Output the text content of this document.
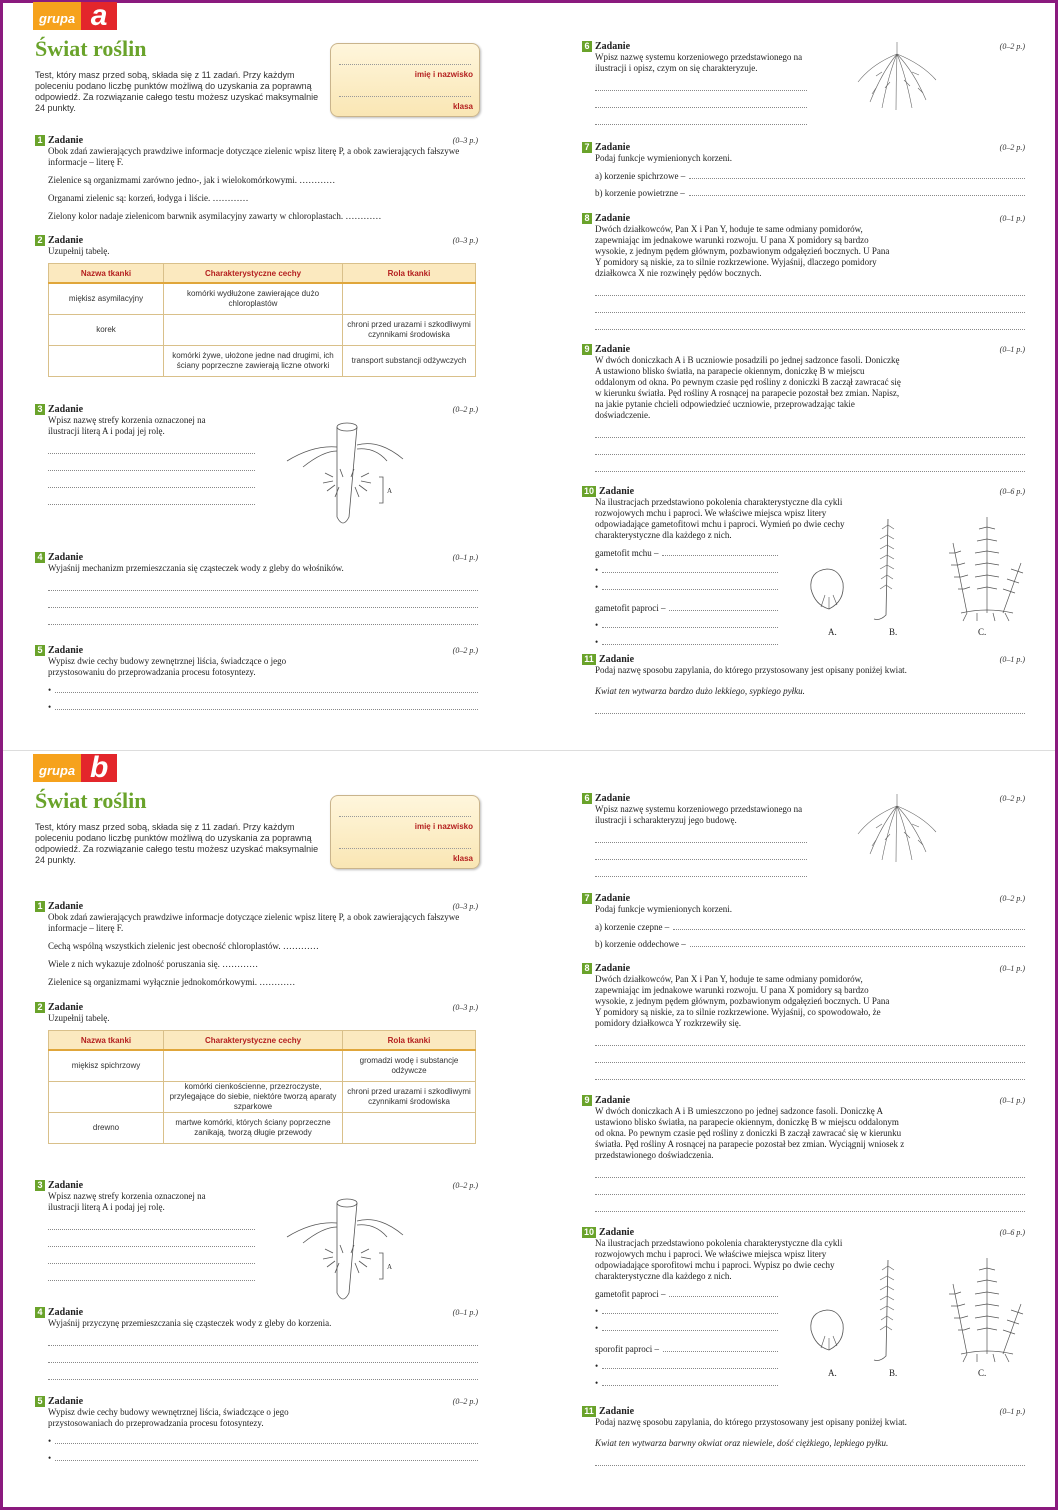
grupa a
Świat roślin
Test, który masz przed sobą, składa się z 11 zadań. Przy każdym poleceniu podano liczbę punktów możliwą do uzyskania za poprawną odpowiedź. Za rozwiązanie całego testu możesz uzyskać maksymalnie 24 punkty.
imię i nazwisko
klasa
1 Zadanie	(0–3 p.)
Obok zdań zawierających prawdziwe informacje dotyczące zielenic wpisz literę P, a obok zawierających fałszywe informacje – literę F.
Zielenice są organizmami zarówno jedno-, jak i wielokomórkowymi. …………
Organami zielenic są: korzeń, łodyga i liście. …………
Zielony kolor nadaje zielenicom barwnik asymilacyjny zawarty w chloroplastach. …………
2 Zadanie	(0–3 p.)
Uzupełnij tabelę.
Nazwa tkanki	Charakterystyczne cechy	Rola tkanki
miękisz asymilacyjny	komórki wydłużone zawierające dużo chloroplastów	
korek		chroni przed urazami i szkodliwymi czynnikami środowiska
	komórki żywe, ułożone jedne nad drugimi, ich ściany poprzeczne zawierają liczne otworki	transport substancji odżywczych
3 Zadanie	(0–2 p.)
Wpisz nazwę strefy korzenia oznaczonej na ilustracji literą A i podaj jej rolę.
A
4 Zadanie	(0–1 p.)
Wyjaśnij mechanizm przemieszczania się cząsteczek wody z gleby do włośników.
5 Zadanie	(0–2 p.)
Wypisz dwie cechy budowy zewnętrznej liścia, świadczące o jego przystosowaniu do przeprowadzania procesu fotosyntezy.
•
•
6 Zadanie	(0–2 p.)
Wpisz nazwę systemu korzeniowego przedstawionego na ilustracji i opisz, czym on się charakteryzuje.
7 Zadanie	(0–2 p.)
Podaj funkcje wymienionych korzeni.
a) korzenie spichrzowe –
b) korzenie powietrzne –
8 Zadanie	(0–1 p.)
Dwóch działkowców, Pan X i Pan Y, hoduje te same odmiany pomidorów, zapewniając im jednakowe warunki rozwoju. U pana X pomidory są bardzo wysokie, z jednym pędem głównym, pozbawionym odgałęzień bocznych. U Pana Y pomidory są niskie, za to silnie rozkrzewione. Wyjaśnij, dlaczego pomidory działkowca X nie rozwinęły pędów bocznych.
9 Zadanie	(0–1 p.)
W dwóch doniczkach A i B uczniowie posadzili po jednej sadzonce fasoli. Doniczkę A ustawiono blisko światła, na parapecie okiennym, doniczkę B w miejscu oddalonym od okna. Po pewnym czasie pęd rośliny z doniczki B zaczął zawracać się w kierunku światła. Pęd rośliny A rosnącej na parapecie pozostał bez zmian. Napisz, na jakie pytanie chcieli odpowiedzieć uczniowie, przeprowadzając takie doświadczenie.
10 Zadanie	(0–6 p.)
Na ilustracjach przedstawiono pokolenia charakterystyczne dla cykli rozwojowych mchu i paproci. We właściwe miejsca wpisz litery odpowiadające gametofitowi mchu i paproci. Wymień po dwie cechy charakterystyczne dla każdego z nich.
gametofit mchu –
•
•
gametofit paproci –
•
•
A.	B.	C.
11 Zadanie	(0–1 p.)
Podaj nazwę sposobu zapylania, do którego przystosowany jest opisany poniżej kwiat.
Kwiat ten wytwarza bardzo dużo lekkiego, sypkiego pyłku.
grupa b
Świat roślin
Test, który masz przed sobą, składa się z 11 zadań. Przy każdym poleceniu podano liczbę punktów możliwą do uzyskania za poprawną odpowiedź. Za rozwiązanie całego testu możesz uzyskać maksymalnie 24 punkty.
imię i nazwisko
klasa
1 Zadanie	(0–3 p.)
Obok zdań zawierających prawdziwe informacje dotyczące zielenic wpisz literę P, a obok zawierających fałszywe informacje – literę F.
Cechą wspólną wszystkich zielenic jest obecność chloroplastów. …………
Wiele z nich wykazuje zdolność poruszania się. …………
Zielenice są organizmami wyłącznie jednokomórkowymi. …………
2 Zadanie	(0–3 p.)
Uzupełnij tabelę.
Nazwa tkanki	Charakterystyczne cechy	Rola tkanki
miękisz spichrzowy		gromadzi wodę i substancje odżywcze
	komórki cienkościenne, przezroczyste, przylegające do siebie, niektóre tworzą aparaty szparkowe	chroni przed urazami i szkodliwymi czynnikami środowiska
drewno	martwe komórki, których ściany poprzeczne zanikają, tworzą długie przewody	
3 Zadanie	(0–2 p.)
Wpisz nazwę strefy korzenia oznaczonej na ilustracji literą A i podaj jej rolę.
A
4 Zadanie	(0–1 p.)
Wyjaśnij przyczynę przemieszczania się cząsteczek wody z gleby do korzenia.
5 Zadanie	(0–2 p.)
Wypisz dwie cechy budowy wewnętrznej liścia, świadczące o jego przystosowaniach do przeprowadzania procesu fotosyntezy.
•
•
6 Zadanie	(0–2 p.)
Wpisz nazwę systemu korzeniowego przedstawionego na ilustracji i scharakteryzuj jego budowę.
7 Zadanie	(0–2 p.)
Podaj funkcje wymienionych korzeni.
a) korzenie czepne –
b) korzenie oddechowe –
8 Zadanie	(0–1 p.)
Dwóch działkowców, Pan X i Pan Y, hoduje te same odmiany pomidorów, zapewniając im jednakowe warunki rozwoju. U pana X pomidory są bardzo wysokie, z jednym pędem głównym, pozbawionym odgałęzień bocznych. U Pana Y pomidory są niskie, za to silnie rozkrzewione. Wyjaśnij, co spowodowało, że pomidory działkowca Y rozkrzewiły się.
9 Zadanie	(0–1 p.)
W dwóch doniczkach A i B umieszczono po jednej sadzonce fasoli. Doniczkę A ustawiono blisko światła, na parapecie okiennym, doniczkę B w miejscu oddalonym od okna. Po pewnym czasie pęd rośliny z doniczki B zaczął zawracać się w kierunku światła. Pęd rośliny A rosnącej na parapecie pozostał bez zmian. Wyciągnij wniosek z przedstawionego doświadczenia.
10 Zadanie	(0–6 p.)
Na ilustracjach przedstawiono pokolenia charakterystyczne dla cykli rozwojowych mchu i paproci. We właściwe miejsca wpisz litery odpowiadające sporofitowi mchu i paproci. Wypisz po dwie cechy charakterystyczne dla każdego z nich.
gametofit paproci –
•
•
sporofit paproci –
•
•
A.	B.	C.
11 Zadanie	(0–1 p.)
Podaj nazwę sposobu zapylania, do którego przystosowany jest opisany poniżej kwiat.
Kwiat ten wytwarza barwny okwiat oraz niewiele, dość ciężkiego, lepkiego pyłku.
